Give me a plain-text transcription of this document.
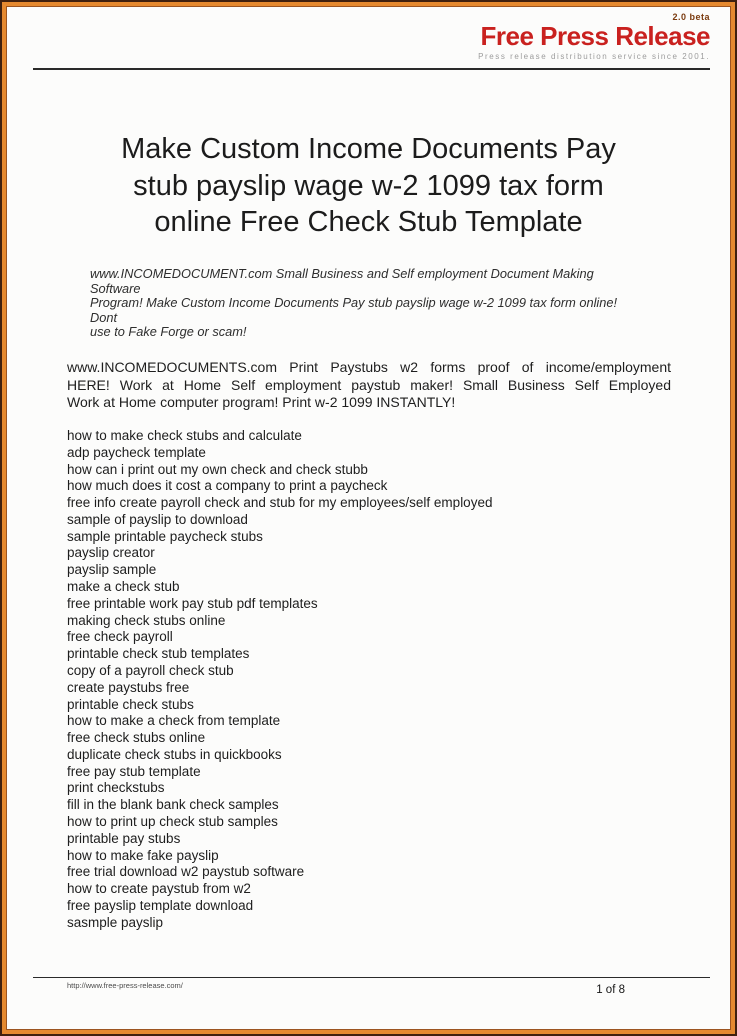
2.0 beta
Free Press Release
Press release distribution service since 2001.
Make Custom Income Documents Pay
stub payslip wage w-2 1099 tax form
online Free Check Stub Template
www.INCOMEDOCUMENT.com Small Business and Self employment Document Making Software
Program! Make Custom Income Documents Pay stub payslip wage w-2 1099 tax form online! Dont
use to Fake Forge or scam!
www.INCOMEDOCUMENTS.com Print Paystubs w2 forms proof of income/employment
HERE! Work at Home Self employment paystub maker! Small Business Self Employed
Work at Home computer program! Print w-2 1099 INSTANTLY!
how to make check stubs and calculate
adp paycheck template
how can i print out my own check and check stubb
how much does it cost a company to print a paycheck
free info create payroll check and stub for my employees/self employed
sample of payslip to download
sample printable paycheck stubs
payslip creator
payslip sample
make a check stub
free printable work pay stub pdf templates
making check stubs online
free check payroll
printable check stub templates
copy of a payroll check stub
create paystubs free
printable check stubs
how to make a check from template
free check stubs online
duplicate check stubs in quickbooks
free pay stub template
print checkstubs
fill in the blank bank check samples
how to print up check stub samples
printable pay stubs
how to make fake payslip
free trial download w2 paystub software
how to create paystub from w2
free payslip template download
sasmple payslip
http://www.free-press-release.com/	1 of 8
